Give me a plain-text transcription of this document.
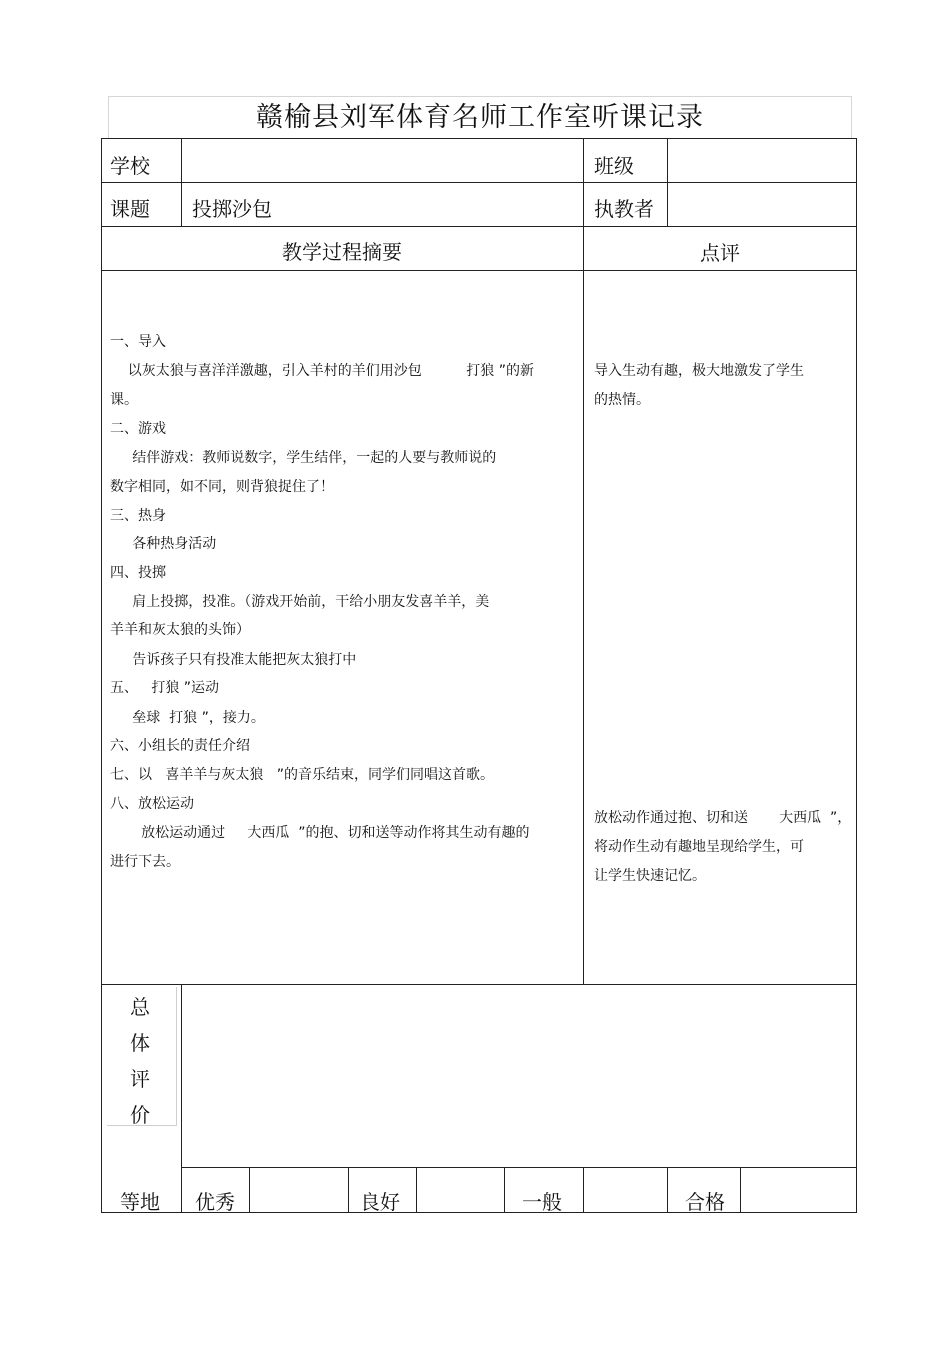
赣榆县刘军体育名师工作室听课记录
学校	班级
课题 投掷沙包	执教者
教学过程摘要	点评
一、导入
以灰太狼与喜洋洋激趣，引入羊村的羊们用沙包          打狼 ”的新
课。
二、游戏
结伴游戏：教师说数字，学生结伴，一起的人要与教师说的
数字相同，如不同，则背狼捉住了！
三、热身
各种热身活动
四、投掷
肩上投掷，投准。（游戏开始前，干给小朋友发喜羊羊，美
羊羊和灰太狼的头饰）
告诉孩子只有投准太能把灰太狼打中
五、   打狼 ”运动
垒球  打狼 ”，接力。
六、小组长的责任介绍
七、以   喜羊羊与灰太狼   ”的音乐结束，同学们同唱这首歌。
八、放松运动
放松运动通过     大西瓜  ”的抱、切和送等动作将其生动有趣的
进行下去。
导入生动有趣，极大地激发了学生
的热情。
放松动作通过抱、切和送       大西瓜  ”，
将动作生动有趣地呈现给学生，可
让学生快速记忆。
总
体
评
价
等地 优秀	良好	一般	合格
